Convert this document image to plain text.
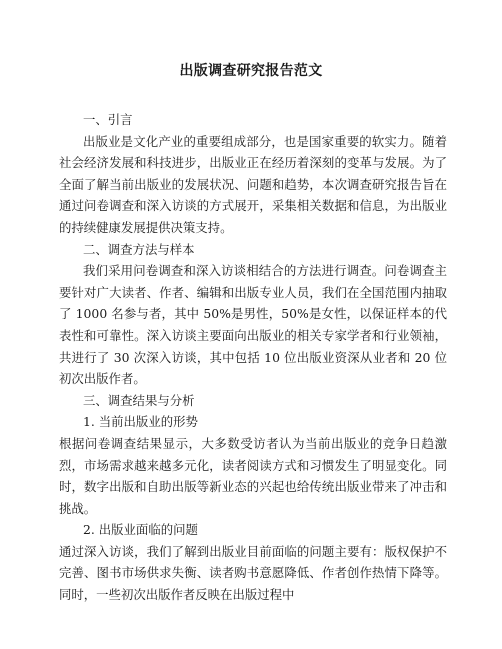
出版调查研究报告范文

一、引言

出版业是文化产业的重要组成部分，也是国家重要的软实力。随着社会经济发展和科技进步，出版业正在经历着深刻的变革与发展。为了全面了解当前出版业的发展状况、问题和趋势，本次调查研究报告旨在通过问卷调查和深入访谈的方式展开，采集相关数据和信息，为出版业的持续健康发展提供决策支持。

二、调查方法与样本

我们采用问卷调查和深入访谈相结合的方法进行调查。问卷调查主要针对广大读者、作者、编辑和出版专业人员，我们在全国范围内抽取了 1000 名参与者，其中 50%是男性，50%是女性，以保证样本的代表性和可靠性。深入访谈主要面向出版业的相关专家学者和行业领袖，共进行了 30 次深入访谈，其中包括 10 位出版业资深从业者和 20 位初次出版作者。

三、调查结果与分析

1. 当前出版业的形势

根据问卷调查结果显示，大多数受访者认为当前出版业的竞争日趋激烈，市场需求越来越多元化，读者阅读方式和习惯发生了明显变化。同时，数字出版和自助出版等新业态的兴起也给传统出版业带来了冲击和挑战。

2. 出版业面临的问题

通过深入访谈，我们了解到出版业目前面临的问题主要有：版权保护不完善、图书市场供求失衡、读者购书意愿降低、作者创作热情下降等。同时，一些初次出版作者反映在出版过程中
